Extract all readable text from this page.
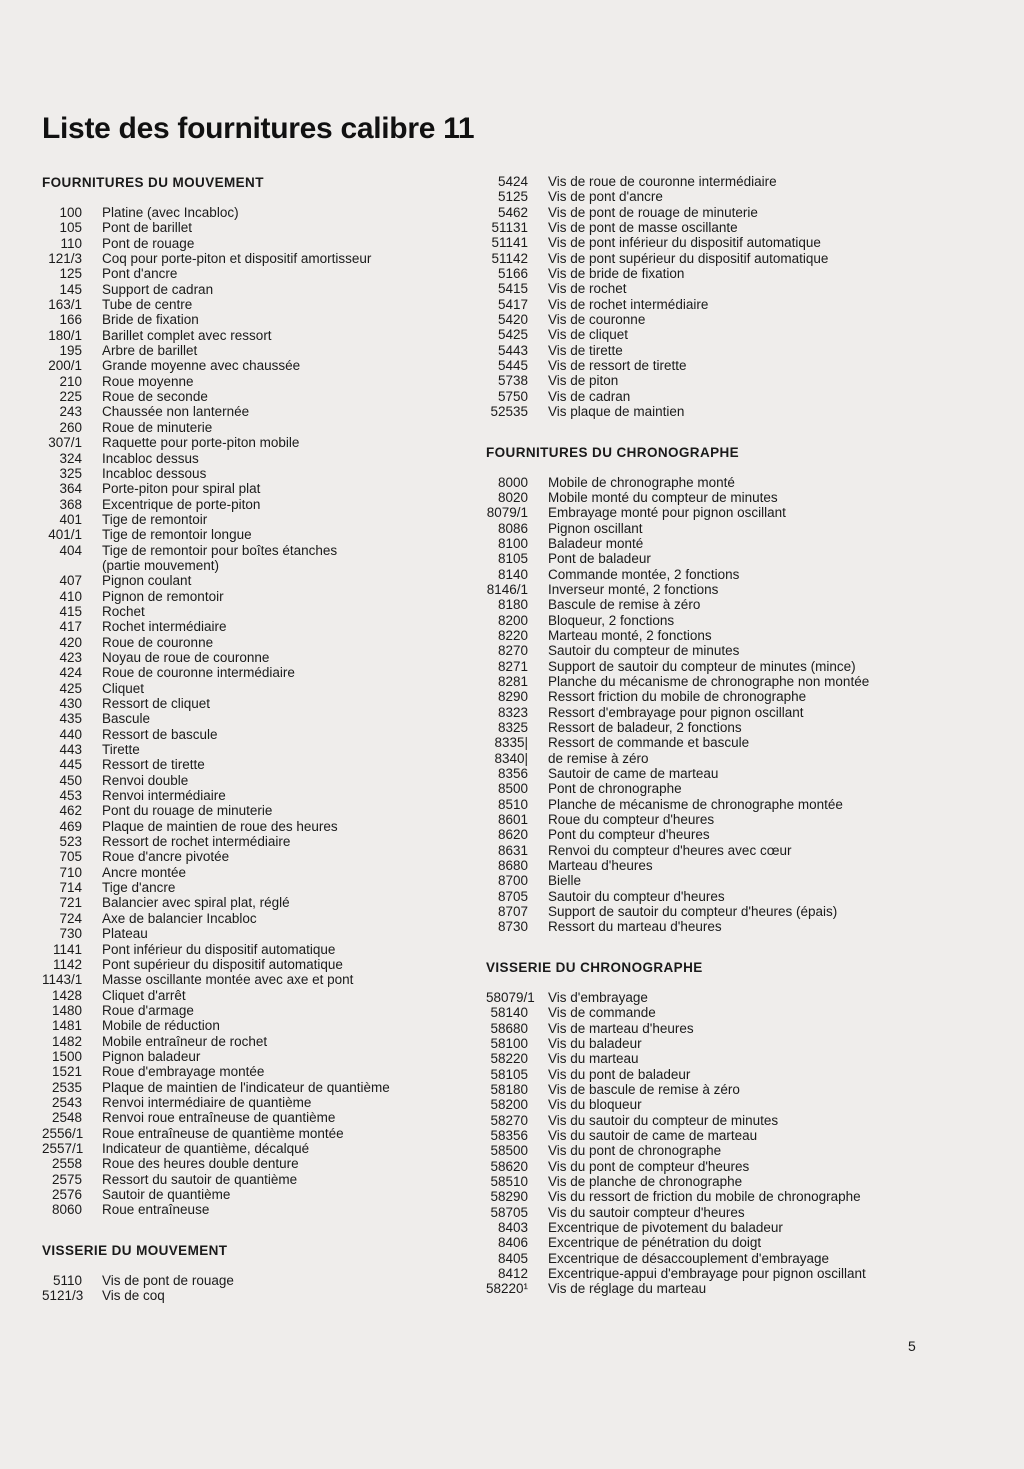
Liste des fournitures calibre 11
FOURNITURES DU MOUVEMENT
100	Platine (avec Incabloc)
105	Pont de barillet
110	Pont de rouage
121/3	Coq pour porte-piton et dispositif amortisseur
125	Pont d'ancre
145	Support de cadran
163/1	Tube de centre
166	Bride de fixation
180/1	Barillet complet avec ressort
195	Arbre de barillet
200/1	Grande moyenne avec chaussée
210	Roue moyenne
225	Roue de seconde
243	Chaussée non lanternée
260	Roue de minuterie
307/1	Raquette pour porte-piton mobile
324	Incabloc dessus
325	Incabloc dessous
364	Porte-piton pour spiral plat
368	Excentrique de porte-piton
401	Tige de remontoir
401/1	Tige de remontoir longue
404	Tige de remontoir pour boîtes étanches
(partie mouvement)
407	Pignon coulant
410	Pignon de remontoir
415	Rochet
417	Rochet intermédiaire
420	Roue de couronne
423	Noyau de roue de couronne
424	Roue de couronne intermédiaire
425	Cliquet
430	Ressort de cliquet
435	Bascule
440	Ressort de bascule
443	Tirette
445	Ressort de tirette
450	Renvoi double
453	Renvoi intermédiaire
462	Pont du rouage de minuterie
469	Plaque de maintien de roue des heures
523	Ressort de rochet intermédiaire
705	Roue d'ancre pivotée
710	Ancre montée
714	Tige d'ancre
721	Balancier avec spiral plat, réglé
724	Axe de balancier Incabloc
730	Plateau
1141	Pont inférieur du dispositif automatique
1142	Pont supérieur du dispositif automatique
1143/1	Masse oscillante montée avec axe et pont
1428	Cliquet d'arrêt
1480	Roue d'armage
1481	Mobile de réduction
1482	Mobile entraîneur de rochet
1500	Pignon baladeur
1521	Roue d'embrayage montée
2535	Plaque de maintien de l'indicateur de quantième
2543	Renvoi intermédiaire de quantième
2548	Renvoi roue entraîneuse de quantième
2556/1	Roue entraîneuse de quantième montée
2557/1	Indicateur de quantième, décalqué
2558	Roue des heures double denture
2575	Ressort du sautoir de quantième
2576	Sautoir de quantième
8060	Roue entraîneuse
VISSERIE DU MOUVEMENT
5110	Vis de pont de rouage
5121/3	Vis de coq
5424	Vis de roue de couronne intermédiaire
5125	Vis de pont d'ancre
5462	Vis de pont de rouage de minuterie
51131	Vis de pont de masse oscillante
51141	Vis de pont inférieur du dispositif automatique
51142	Vis de pont supérieur du dispositif automatique
5166	Vis de bride de fixation
5415	Vis de rochet
5417	Vis de rochet intermédiaire
5420	Vis de couronne
5425	Vis de cliquet
5443	Vis de tirette
5445	Vis de ressort de tirette
5738	Vis de piton
5750	Vis de cadran
52535	Vis plaque de maintien
FOURNITURES DU CHRONOGRAPHE
8000	Mobile de chronographe monté
8020	Mobile monté du compteur de minutes
8079/1	Embrayage monté pour pignon oscillant
8086	Pignon oscillant
8100	Baladeur monté
8105	Pont de baladeur
8140	Commande montée, 2 fonctions
8146/1	Inverseur monté, 2 fonctions
8180	Bascule de remise à zéro
8200	Bloqueur, 2 fonctions
8220	Marteau monté, 2 fonctions
8270	Sautoir du compteur de minutes
8271	Support de sautoir du compteur de minutes (mince)
8281	Planche du mécanisme de chronographe non montée
8290	Ressort friction du mobile de chronographe
8323	Ressort d'embrayage pour pignon oscillant
8325	Ressort de baladeur, 2 fonctions
8335|	Ressort de commande et bascule
8340|	de remise à zéro
8356	Sautoir de came de marteau
8500	Pont de chronographe
8510	Planche de mécanisme de chronographe montée
8601	Roue du compteur d'heures
8620	Pont du compteur d'heures
8631	Renvoi du compteur d'heures avec cœur
8680	Marteau d'heures
8700	Bielle
8705	Sautoir du compteur d'heures
8707	Support de sautoir du compteur d'heures (épais)
8730	Ressort du marteau d'heures
VISSERIE DU CHRONOGRAPHE
58079/1 Vis d'embrayage
58140	Vis de commande
58680	Vis de marteau d'heures
58100	Vis du baladeur
58220	Vis du marteau
58105	Vis du pont de baladeur
58180	Vis de bascule de remise à zéro
58200	Vis du bloqueur
58270	Vis du sautoir du compteur de minutes
58356	Vis du sautoir de came de marteau
58500	Vis du pont de chronographe
58620	Vis du pont de compteur d'heures
58510	Vis de planche de chronographe
58290	Vis du ressort de friction du mobile de chronographe
58705	Vis du sautoir compteur d'heures
8403	Excentrique de pivotement du baladeur
8406	Excentrique de pénétration du doigt
8405	Excentrique de désaccouplement d'embrayage
8412	Excentrique-appui d'embrayage pour pignon oscillant
58220¹	Vis de réglage du marteau
5
